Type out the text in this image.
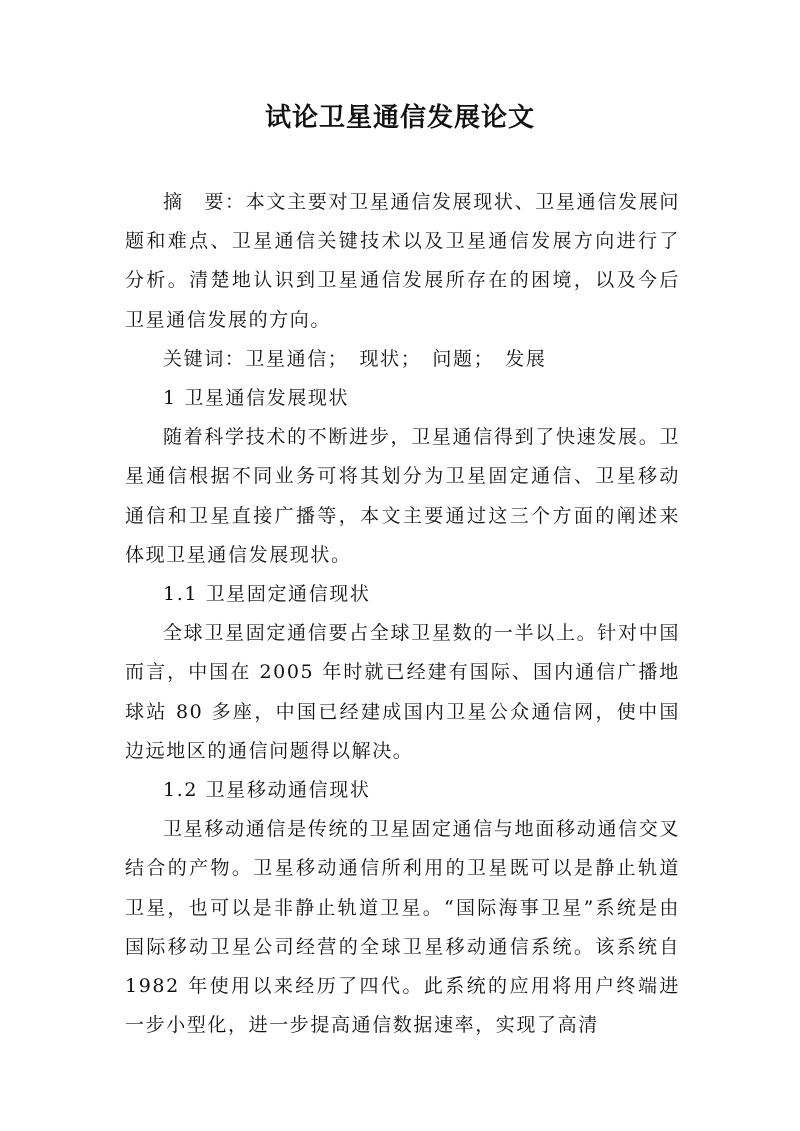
试论卫星通信发展论文

摘　要：本文主要对卫星通信发展现状、卫星通信发展问题和难点、卫星通信关键技术以及卫星通信发展方向进行了分析。清楚地认识到卫星通信发展所存在的困境，以及今后卫星通信发展的方向。

关键词：卫星通信；　现状；　问题；　发展

1 卫星通信发展现状

随着科学技术的不断进步，卫星通信得到了快速发展。卫星通信根据不同业务可将其划分为卫星固定通信、卫星移动通信和卫星直接广播等，本文主要通过这三个方面的阐述来体现卫星通信发展现状。

1.1 卫星固定通信现状

全球卫星固定通信要占全球卫星数的一半以上。针对中国而言，中国在 2005 年时就已经建有国际、国内通信广播地球站 80 多座，中国已经建成国内卫星公众通信网，使中国边远地区的通信问题得以解决。

1.2 卫星移动通信现状

卫星移动通信是传统的卫星固定通信与地面移动通信交叉结合的产物。卫星移动通信所利用的卫星既可以是静止轨道卫星，也可以是非静止轨道卫星。“国际海事卫星”系统是由国际移动卫星公司经营的全球卫星移动通信系统。该系统自 1982 年使用以来经历了四代。此系统的应用将用户终端进一步小型化，进一步提高通信数据速率，实现了高清
